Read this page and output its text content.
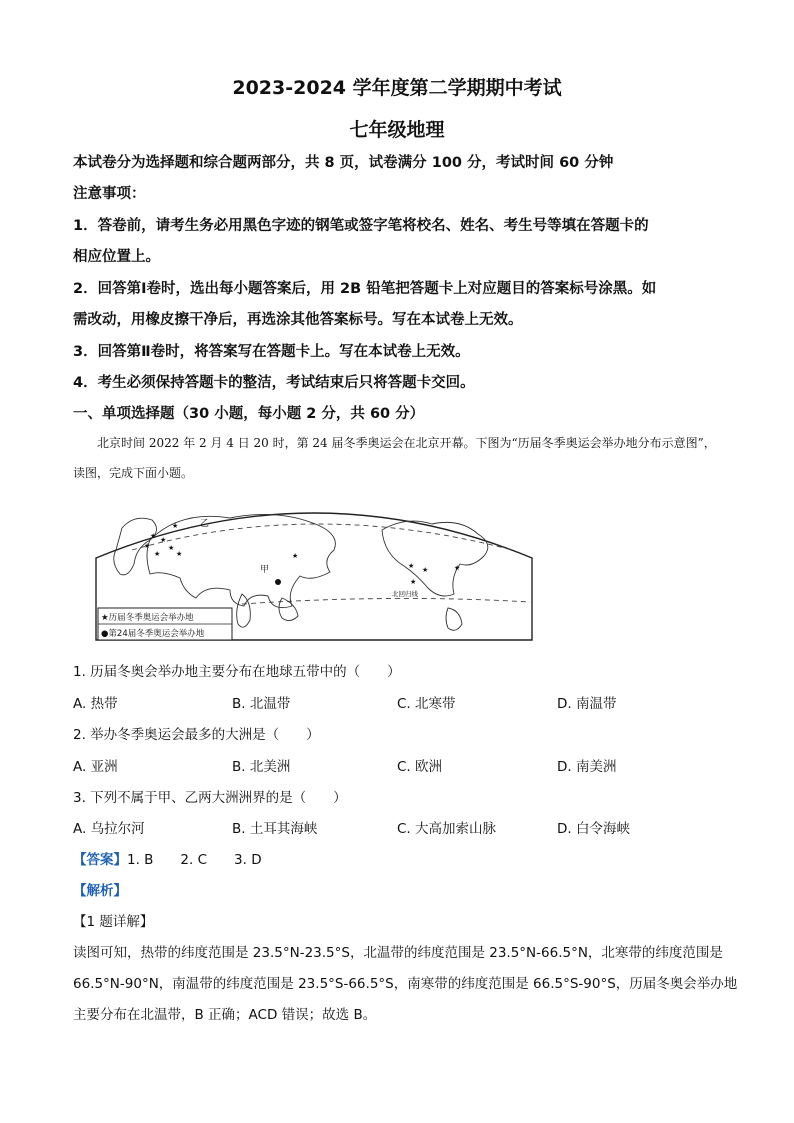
2023-2024 学年度第二学期期中考试
七年级地理
本试卷分为选择题和综合题两部分，共 8 页，试卷满分 100 分，考试时间 60 分钟
注意事项：
1．答卷前，请考生务必用黑色字迹的钢笔或签字笔将校名、姓名、考生号等填在答题卡的
相应位置上。
2．回答第Ⅰ卷时，选出每小题答案后，用 2B 铅笔把答题卡上对应题目的答案标号涂黑。如
需改动，用橡皮擦干净后，再选涂其他答案标号。写在本试卷上无效。
3．回答第Ⅱ卷时，将答案写在答题卡上。写在本试卷上无效。
4．考生必须保持答题卡的整洁，考试结束后只将答题卡交回。
一、单项选择题（30 小题，每小题 2 分，共 60 分）
北京时间 2022 年 2 月 4 日 20 时，第 24 届冬季奥运会在北京开幕。下图为“历届冬季奥运会举办地分布示意图”，读图，完成下面小题。
★ ★
★	★
★ ★
★
★
★ ★	★
★
甲
乙
北回归线
★历届冬季奥运会举办地
●第24届冬季奥运会举办地
1. 历届冬奥会举办地主要分布在地球五带中的（　　）
A. 热带	B. 北温带	C. 北寒带	D. 南温带
2. 举办冬季奥运会最多的大洲是（　　）
A. 亚洲	B. 北美洲	C. 欧洲	D. 南美洲
3. 下列不属于甲、乙两大洲洲界的是（　　）
A. 乌拉尔河	B. 土耳其海峡	C. 大高加索山脉	D. 白令海峡
【答案】1. B　　2. C　　3. D
【解析】
【1 题详解】
读图可知，热带的纬度范围是 23.5°N-23.5°S，北温带的纬度范围是 23.5°N-66.5°N，北寒带的纬度范围是
66.5°N-90°N，南温带的纬度范围是 23.5°S-66.5°S，南寒带的纬度范围是 66.5°S-90°S，历届冬奥会举办地
主要分布在北温带，B 正确；ACD 错误；故选 B。
